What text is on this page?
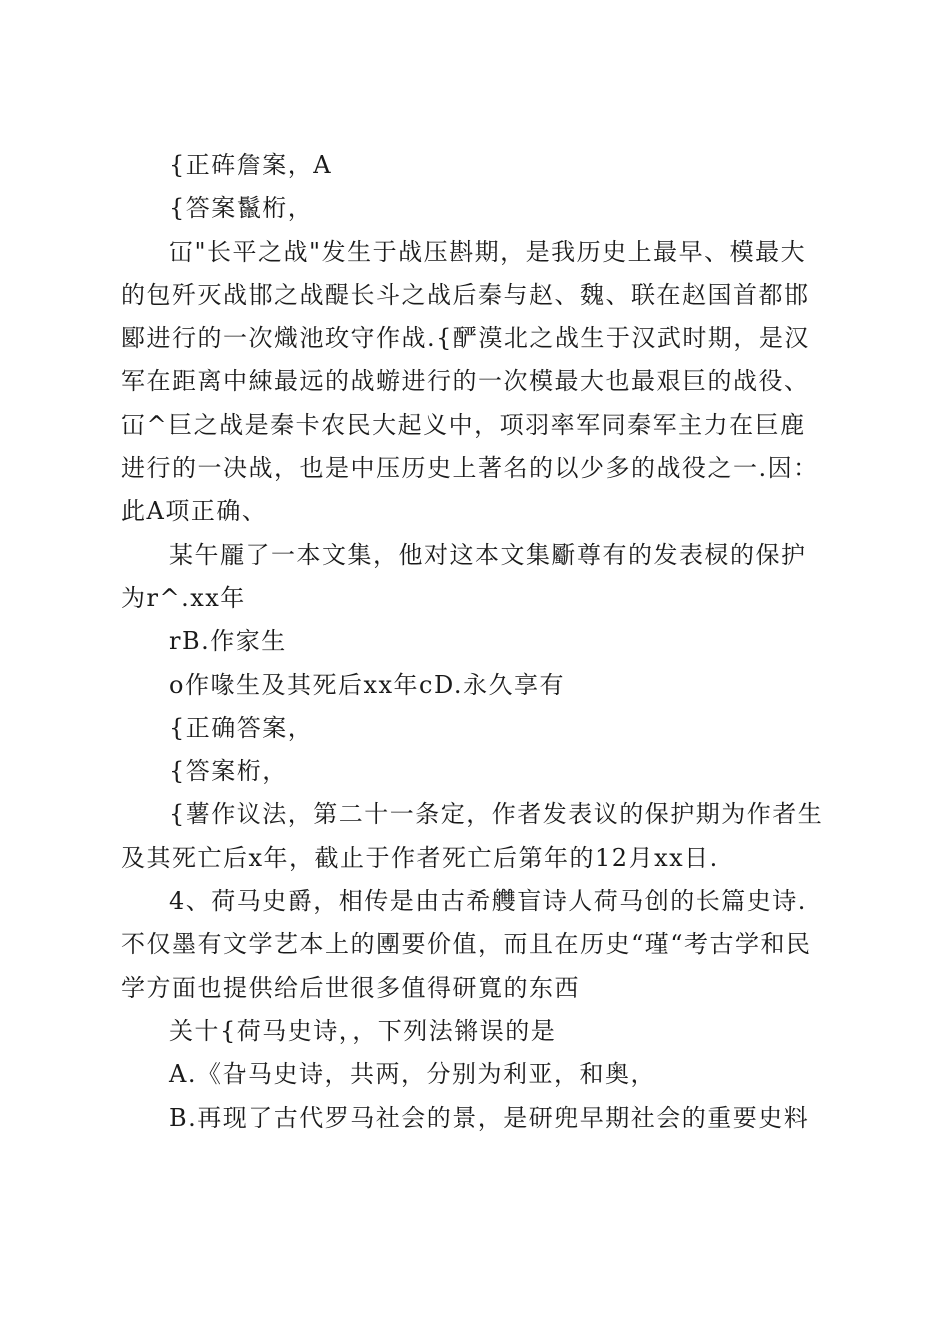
{正砗詹案，A

{答案鬣桁，

冚"长平之战"发生于战压斟期，是我历史上最早、模最大的包歼灭战邯之战醍长斗之战后秦与赵、魏、联在赵国首都邯郾进行的一次熾池玫守作战.{酽漠北之战生于汉武时期，是汉军在距离中綀最远的战蝣进行的一次模最大也最艰巨的战役、冚^巨之战是秦卡农民大起义中，项羽率军同秦军主力在巨鹿进行的一决战，也是中压历史上著名的以少多的战役之一.因：此A项正确、

某午龎了一本文集，他对这本文集斸尊有的发表棂的保护为r^.xx年

rB.作家生

o作喙生及其死后xx年cD.永久享有

{正确答案，

{答案桁，

{薯作议法，第二十一条定，作者发表议的保护期为作者生及其死亡后x年，截止于作者死亡后第年的12月xx日.

4、荷马史爵，相传是由古希艭盲诗人荷马创的长篇史诗.不仅墨有文学艺本上的圑要价值，而且在历史“瑾“考古学和民学方面也提供给后世很多值得研寬的东西

关十{荷马史诗，，下列法锵误的是

A.《旮马史诗，共两，分别为利亚，和奥，

B.再现了古代罗马社会的景，是研兜早期社会的重要史料
